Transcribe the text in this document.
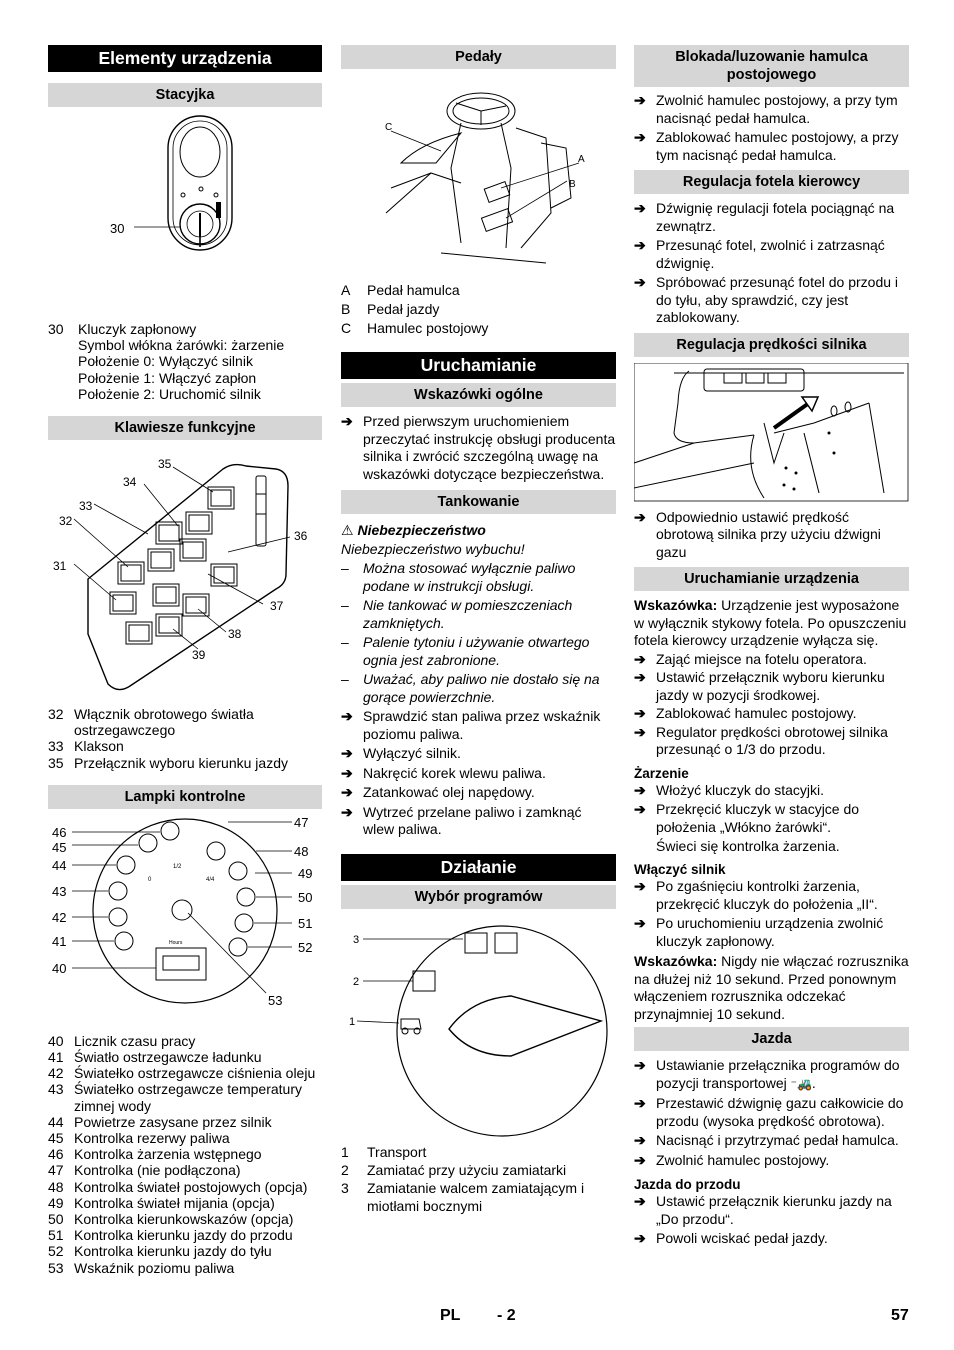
Elementy urządzenia
Stacyjka
30
30	Kluczyk zapłonowy
Symbol włókna żarówki: żarzenie
Położenie 0: Wyłączyć silnik
Położenie 1: Włączyć zapłon
Położenie 2: Uruchomić silnik
Klawiesze funkcyjne
35
34
33
32
31
36
37
38
39
32 Włącznik obrotowego światła ostrzegawczego
33 Klakson
35 Przełącznik wyboru kierunku jazdy
Lampki kontrolne
1/2
4/4
0
Hours
46
45
44
43
42
41
40
47
48
49
50
51
52
53
40 Licznik czasu pracy
41 Światło ostrzegawcze ładunku
42 Światełko ostrzegawcze ciśnienia oleju
43 Światełko ostrzegawcze temperatury zimnej wody
44 Powietrze zasysane przez silnik
45 Kontrolka rezerwy paliwa
46 Kontrolka żarzenia wstępnego
47 Kontrolka (nie podłączona)
48 Kontrolka świateł postojowych (opcja)
49 Kontrolka świateł mijania (opcja)
50 Kontrolka kierunkowskazów (opcja)
51 Kontrolka kierunku jazdy do przodu
52 Kontrolka kierunku jazdy do tyłu
53 Wskaźnik poziomu paliwa
Pedały
C
A
B
A	Pedał hamulca
B	Pedał jazdy
C	Hamulec postojowy
Uruchamianie
Wskazówki ogólne
➔ Przed pierwszym uruchomieniem przeczytać instrukcję obsługi producenta silnika i zwrócić szczególną uwagę na wskazówki dotyczące bezpieczeństwa.
Tankowanie
⚠ Niebezpieczeństwo
Niebezpieczeństwo wybuchu!
–	Można stosować wyłącznie paliwo podane w instrukcji obsługi.
–	Nie tankować w pomieszczeniach zamkniętych.
–	Palenie tytoniu i używanie otwartego ognia jest zabronione.
–	Uważać, aby paliwo nie dostało się na gorące powierzchnie.
➔ Sprawdzić stan paliwa przez wskaźnik poziomu paliwa.
➔ Wyłączyć silnik.
➔ Nakręcić korek wlewu paliwa.
➔ Zatankować olej napędowy.
➔ Wytrzeć przelane paliwo i zamknąć wlew paliwa.
Działanie
Wybór programów
3
2
1
1	Transport
2	Zamiatać przy użyciu zamiatarki
3	Zamiatanie walcem zamiatającym i miotłami bocznymi
Blokada/luzowanie hamulca postojowego
➔ Zwolnić hamulec postojowy, a przy tym nacisnąć pedał hamulca.
➔ Zablokować hamulec postojowy, a przy tym nacisnąć pedał hamulca.
Regulacja fotela kierowcy
➔ Dźwignię regulacji fotela pociągnąć na zewnątrz.
➔ Przesunąć fotel, zwolnić i zatrzasnąć dźwignię.
➔ Spróbować przesunąć fotel do przodu i do tyłu, aby sprawdzić, czy jest zablokowany.
Regulacja prędkości silnika
➔ Odpowiednio ustawić prędkość obrotową silnika przy użyciu dźwigni gazu
Uruchamianie urządzenia
Wskazówka: Urządzenie jest wyposażone w wyłącznik stykowy fotela. Po opuszczeniu fotela kierowcy urządzenie wyłącza się.
➔ Zająć miejsce na fotelu operatora.
➔ Ustawić przełącznik wyboru kierunku jazdy w pozycji środkowej.
➔ Zablokować hamulec postojowy.
➔ Regulator prędkości obrotowej silnika przesunąć o 1/3 do przodu.
Żarzenie
➔ Włożyć kluczyk do stacyjki.
➔ Przekręcić kluczyk w stacyjce do położenia „Włókno żarówki“.
Świeci się kontrolka żarzenia.
Włączyć silnik
➔ Po zgaśnięciu kontrolki żarzenia, przekręcić kluczyk do położenia „II“.
➔ Po uruchomieniu urządzenia zwolnić kluczyk zapłonowy.
Wskazówka: Nigdy nie włączać rozrusznika na dłużej niż 10 sekund. Przed ponownym włączeniem rozrusznika odczekać przynajmniej 10 sekund.
Jazda
➔ Ustawianie przełącznika programów do pozycji transportowej ⁻🚜.
➔ Przestawić dźwignię gazu całkowicie do przodu (wysoka prędkość obrotowa).
➔ Nacisnąć i przytrzymać pedał hamulca.
➔ Zwolnić hamulec postojowy.
Jazda do przodu
➔ Ustawić przełącznik kierunku jazdy na „Do przodu“.
➔ Powoli wciskać pedał jazdy.
PL - 2	57
